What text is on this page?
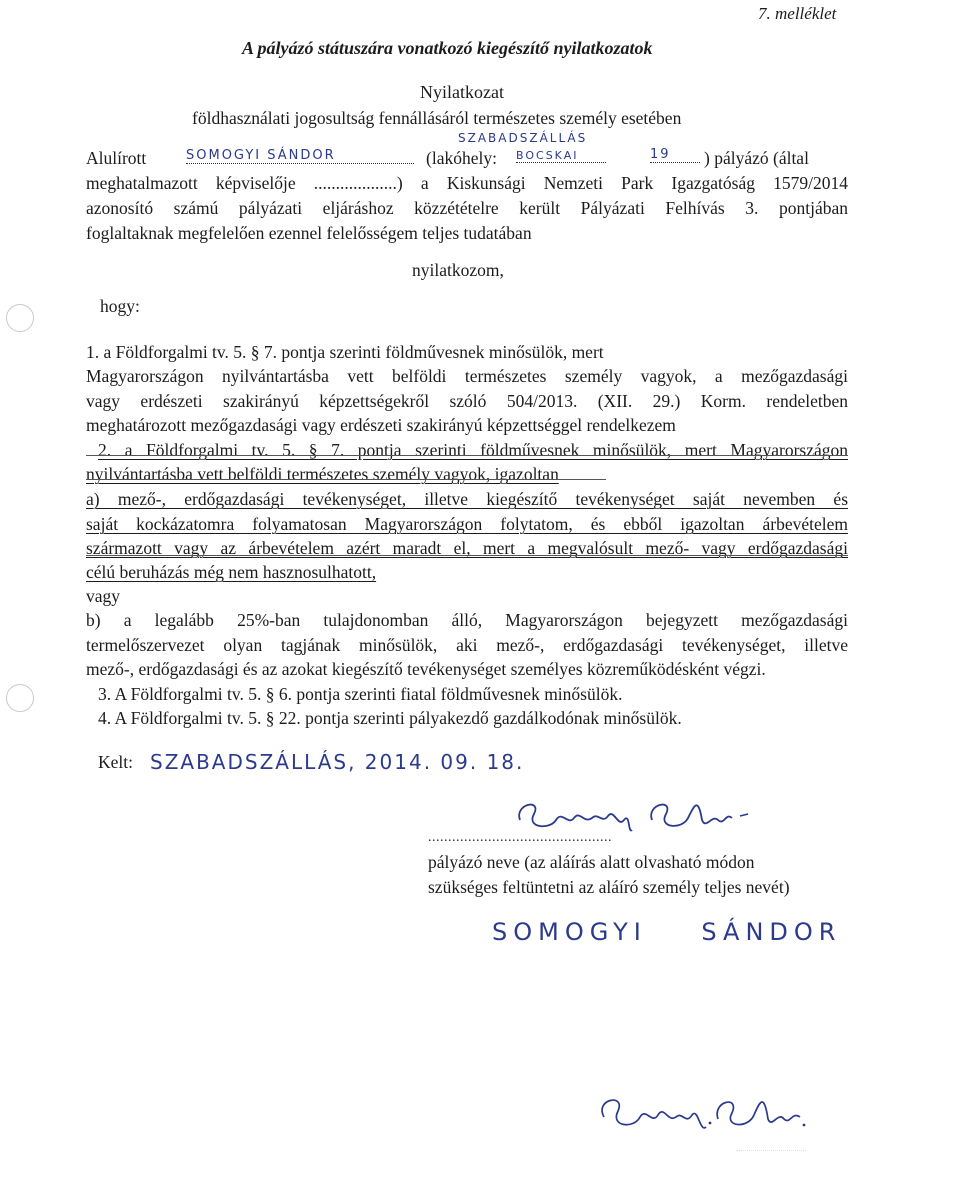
7. melléklet
A pályázó státuszára vonatkozó kiegészítő nyilatkozatok
Nyilatkozat
földhasználati jogosultság fennállásáról természetes személy esetében
SZABADSZÁLLÁS
Alulírott	SOMOGYI SÁNDOR	(lakóhely: BOCSKAI	19	) pályázó (által
meghatalmazott képviselője ...................) a Kiskunsági Nemzeti Park Igazgatóság 1579/2014
azonosító számú pályázati eljáráshoz közzétételre került Pályázati Felhívás 3. pontjában
foglaltaknak megfelelően ezennel felelősségem teljes tudatában
nyilatkozom,
hogy:
1. a Földforgalmi tv. 5. § 7. pontja szerinti földművesnek minősülök, mert
Magyarországon nyilvántartásba vett belföldi természetes személy vagyok, a mezőgazdasági
vagy erdészeti szakirányú képzettségekről szóló 504/2013. (XII. 29.) Korm. rendeletben
meghatározott mezőgazdasági vagy erdészeti szakirányú képzettséggel rendelkezem
2. a Földforgalmi tv. 5. § 7. pontja szerinti földművesnek minősülök, mert Magyarországon
nyilvántartásba vett belföldi természetes személy vagyok, igazoltan
a) mező-, erdőgazdasági tevékenységet, illetve kiegészítő tevékenységet saját nevemben és
saját kockázatomra folyamatosan Magyarországon folytatom, és ebből igazoltan árbevételem
származott vagy az árbevételem azért maradt el, mert a megvalósult mező- vagy erdőgazdasági
célú beruházás még nem hasznosulhatott,
vagy
b) a legalább 25%-ban tulajdonomban álló, Magyarországon bejegyzett mezőgazdasági
termelőszervezet olyan tagjának minősülök, aki mező-, erdőgazdasági tevékenységet, illetve
mező-, erdőgazdasági és az azokat kiegészítő tevékenységet személyes közreműködésként végzi.
3. A Földforgalmi tv. 5. § 6. pontja szerinti fiatal földművesnek minősülök.
4. A Földforgalmi tv. 5. § 22. pontja szerinti pályakezdő gazdálkodónak minősülök.
Kelt: SZABADSZÁLLÁS, 2014. 09. 18.
..............................................
pályázó neve (az aláírás alatt olvasható módon
szükséges feltüntetni az aláíró személy teljes nevét)
SOMOGYI    SÁNDOR
